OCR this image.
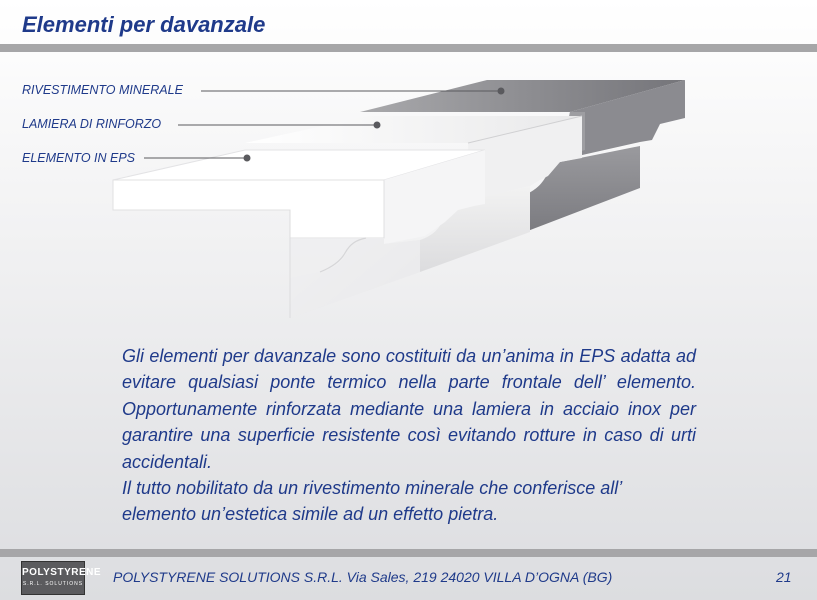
Elementi per davanzale
RIVESTIMENTO MINERALE
LAMIERA DI RINFORZO
ELEMENTO IN EPS

Gli elementi per davanzale sono costituiti da un’anima in EPS adatta ad evitare qualsiasi ponte termico nella parte frontale dell’ elemento. Opportunamente rinforzata mediante una lamiera in acciaio inox per garantire una superficie resistente così evitando rotture in caso di urti accidentali.

Il tutto nobilitato da un rivestimento minerale che conferisce all’ elemento un’estetica simile ad un effetto pietra.

POLYSTYRENE
S.R.L. SOLUTIONS POLYSTYRENE SOLUTIONS S.R.L. Via Sales, 219 24020 VILLA D’OGNA (BG)	21
